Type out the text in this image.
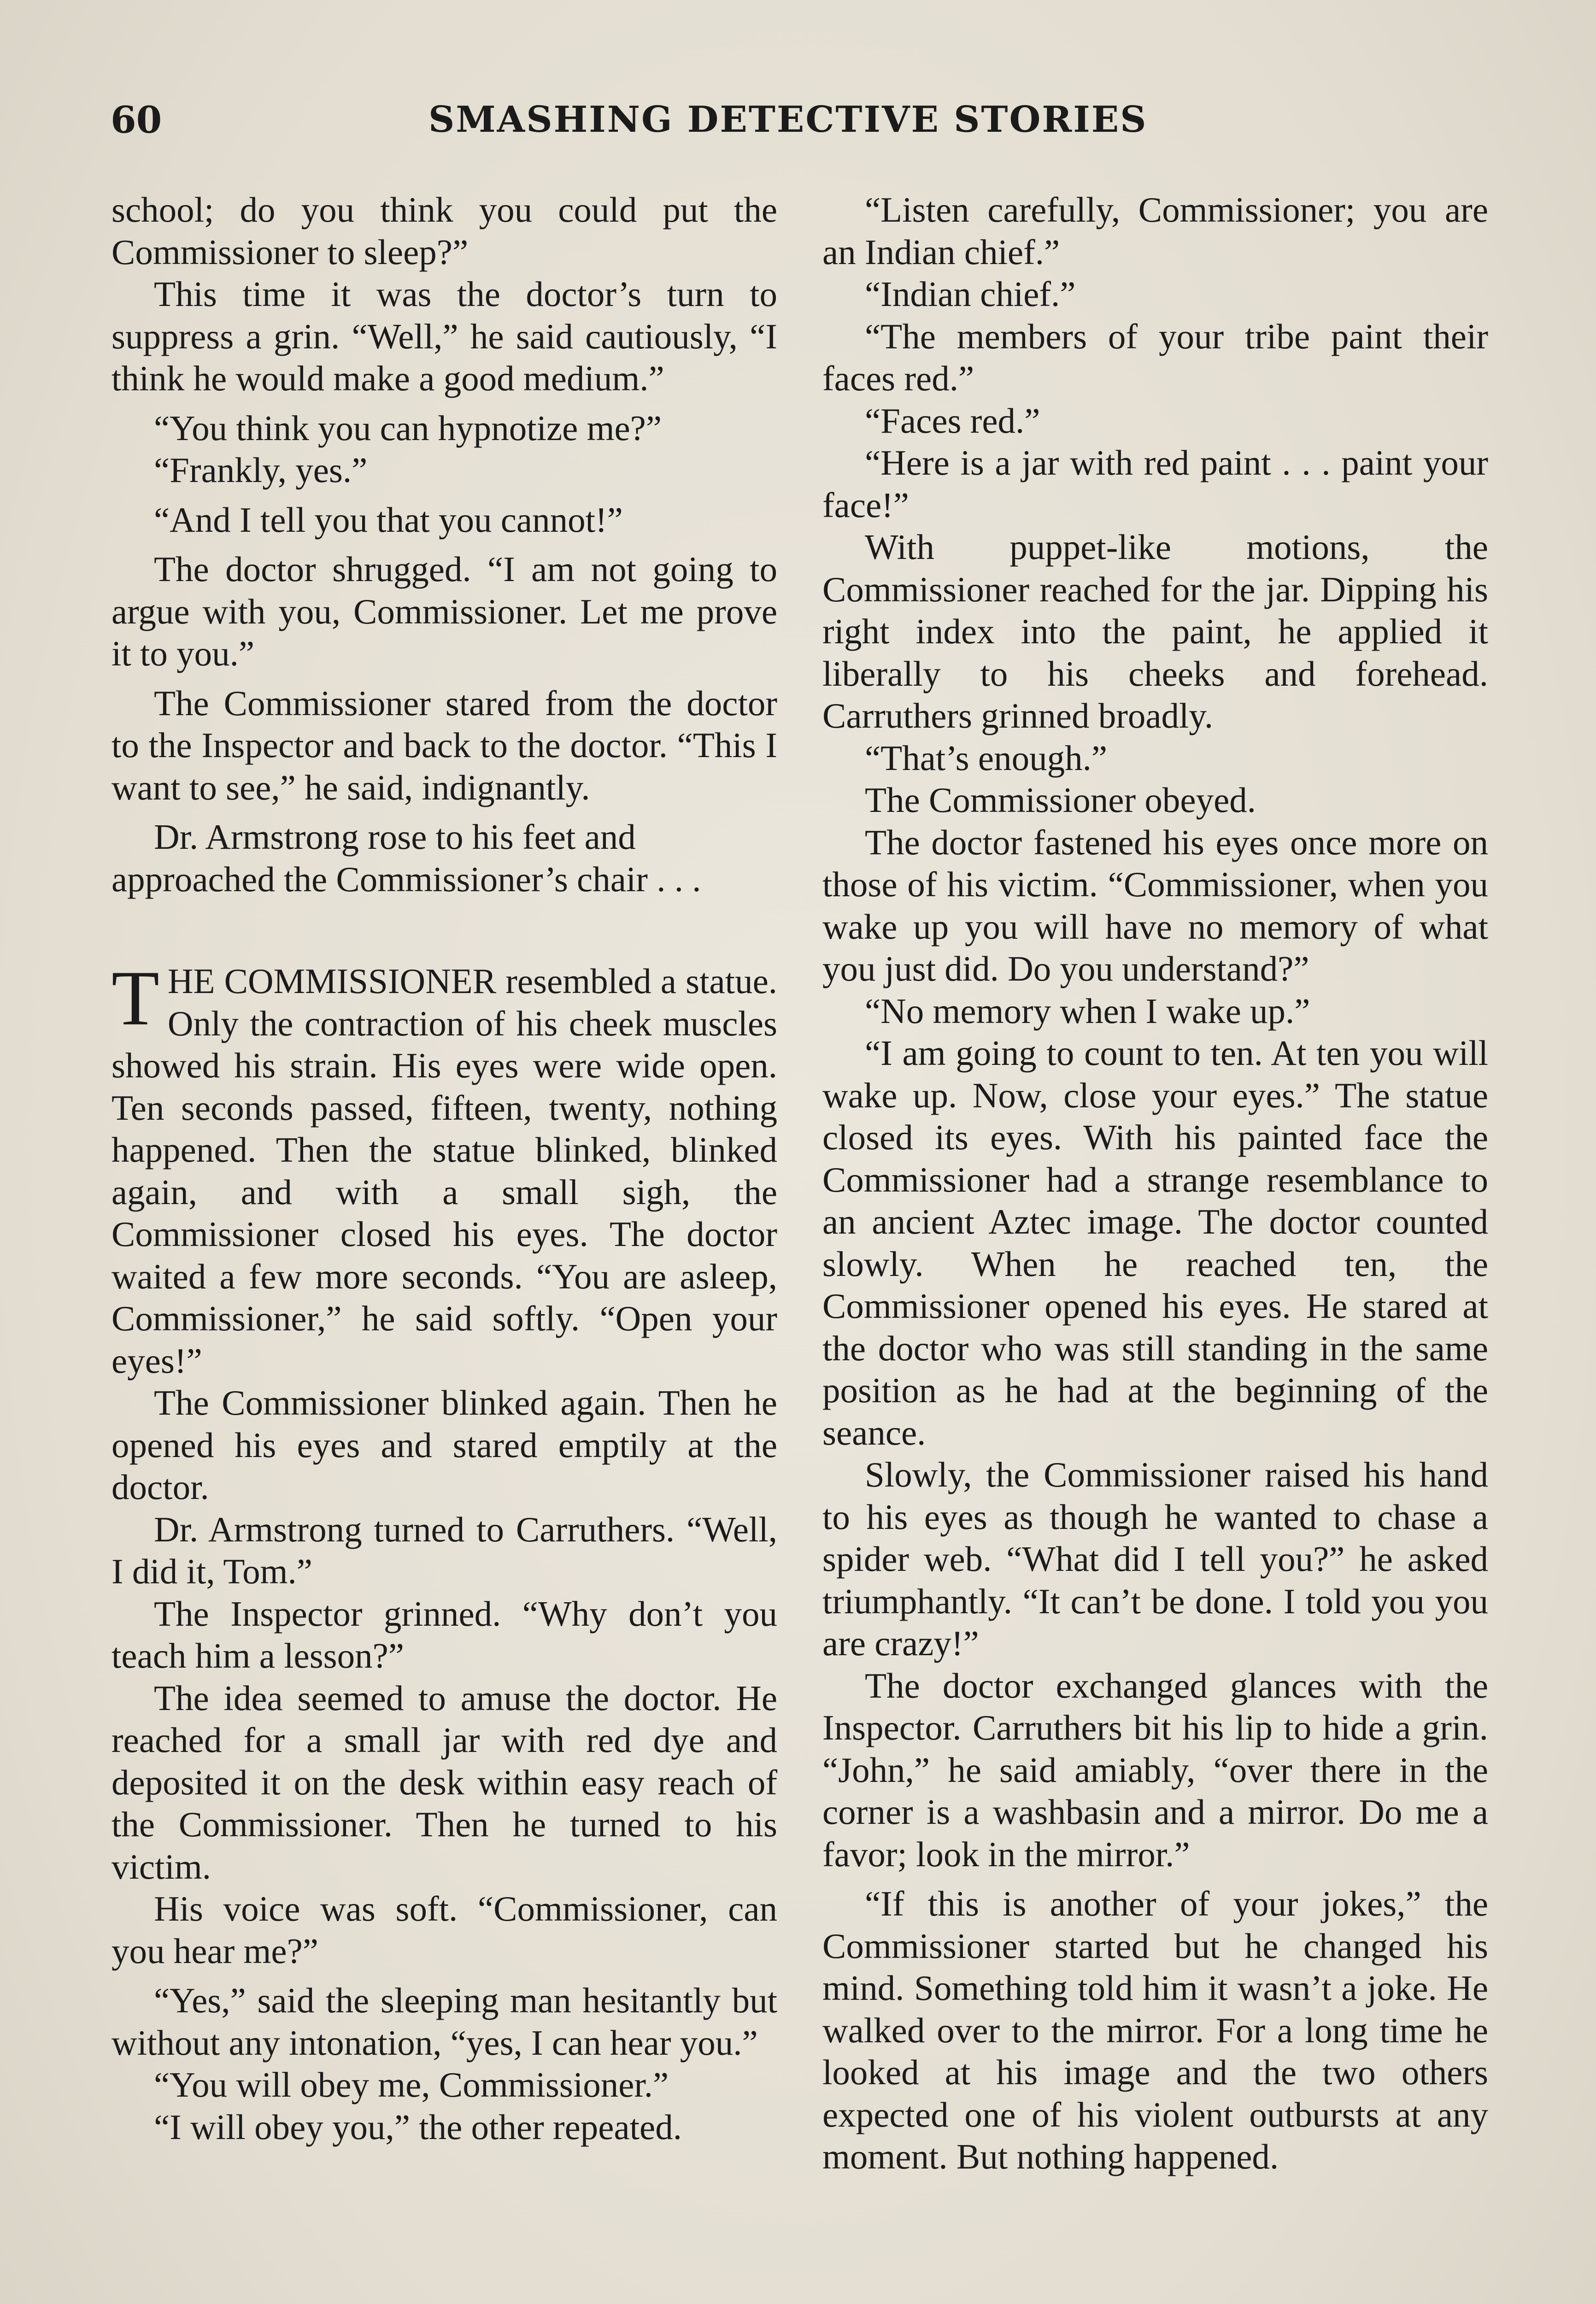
60	SMASHING DETECTIVE STORIES

school; do you think you could put the Commissioner to sleep?”

This time it was the doctor’s turn to suppress a grin. “Well,” he said cautiously, “I think he would make a good medium.”

“You think you can hypnotize me?”

“Frankly, yes.”

“And I tell you that you cannot!”

The doctor shrugged. “I am not going to argue with you, Commissioner. Let me prove it to you.”

The Commissioner stared from the doctor to the Inspector and back to the doctor. “This I want to see,” he said, indignantly.

Dr. Armstrong rose to his feet and approached the Commissioner’s chair . . .

THE COMMISSIONER resembled a statue. Only the contraction of his cheek muscles showed his strain. His eyes were wide open. Ten seconds passed, fifteen, twenty, nothing happened. Then the statue blinked, blinked again, and with a small sigh, the Commissioner closed his eyes. The doctor waited a few more seconds. “You are asleep, Commissioner,” he said softly. “Open your eyes!”

The Commissioner blinked again. Then he opened his eyes and stared emptily at the doctor.

Dr. Armstrong turned to Carruthers. “Well, I did it, Tom.”

The Inspector grinned. “Why don’t you teach him a lesson?”

The idea seemed to amuse the doctor. He reached for a small jar with red dye and deposited it on the desk within easy reach of the Commissioner. Then he turned to his victim.

His voice was soft. “Commissioner, can you hear me?”

“Yes,” said the sleeping man hesitantly but without any intonation, “yes, I can hear you.”

“You will obey me, Commissioner.”

“I will obey you,” the other repeated.

“Listen carefully, Commissioner; you are an Indian chief.”

“Indian chief.”

“The members of your tribe paint their faces red.”

“Faces red.”

“Here is a jar with red paint . . . paint your face!”

With puppet-like motions, the Commissioner reached for the jar. Dipping his right index into the paint, he applied it liberally to his cheeks and forehead. Carruthers grinned broadly.

“That’s enough.”

The Commissioner obeyed.

The doctor fastened his eyes once more on those of his victim. “Commissioner, when you wake up you will have no memory of what you just did. Do you understand?”

“No memory when I wake up.”

“I am going to count to ten. At ten you will wake up. Now, close your eyes.” The statue closed its eyes. With his painted face the Commissioner had a strange resemblance to an ancient Aztec image. The doctor counted slowly. When he reached ten, the Commissioner opened his eyes. He stared at the doctor who was still standing in the same position as he had at the beginning of the seance.

Slowly, the Commissioner raised his hand to his eyes as though he wanted to chase a spider web. “What did I tell you?” he asked triumphantly. “It can’t be done. I told you you are crazy!”

The doctor exchanged glances with the Inspector. Carruthers bit his lip to hide a grin. “John,” he said amiably, “over there in the corner is a washbasin and a mirror. Do me a favor; look in the mirror.”

“If this is another of your jokes,” the Commissioner started but he changed his mind. Something told him it wasn’t a joke. He walked over to the mirror. For a long time he looked at his image and the two others expected one of his violent outbursts at any moment. But nothing happened.
